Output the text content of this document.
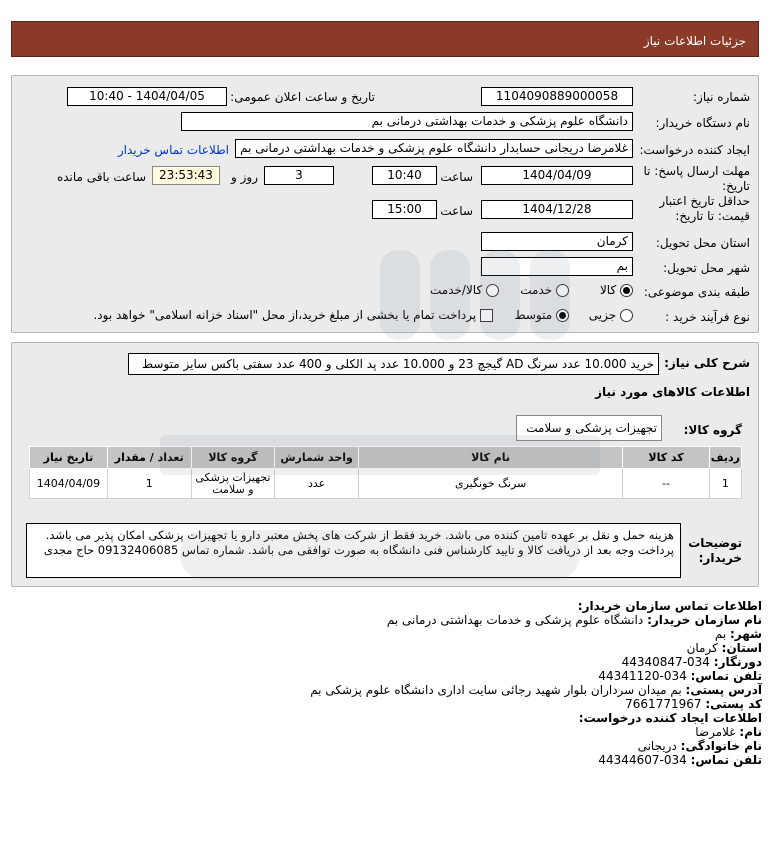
جزئیات اطلاعات نیاز
شماره نیاز:
1104090889000058
تاریخ و ساعت اعلان عمومی:
1404/04/05 - 10:40
نام دستگاه خریدار:
دانشگاه علوم پزشکی و خدمات بهداشتی درمانی بم
ایجاد کننده درخواست:
غلامرضا دریجانی حسابدار دانشگاه علوم پزشکی و خدمات بهداشتی درمانی بم
اطلاعات تماس خریدار
مهلت ارسال پاسخ: تا
تاریخ:
1404/04/09
ساعت
10:40
3
روز و
23:53:43
ساعت باقی مانده
حداقل تاریخ اعتبار
قیمت: تا تاریخ:
1404/12/28
ساعت
15:00
استان محل تحویل:
کرمان
شهر محل تحویل:
بم
طبقه بندی موضوعی:
کالا
خدمت
کالا/خدمت
نوع فرآیند خرید :
جزیی
متوسط
پرداخت تمام یا بخشی از مبلغ خرید،از محل "اسناد خزانه اسلامی" خواهد بود.
شرح کلی نیاز:
خرید 10.000 عدد سرنگ AD گیجچ 23 و 10.000 عدد پد الکلی و 400 عدد سفتی باکس سایز متوسط
اطلاعات کالاهای مورد نیاز
گروه کالا:
تجهیزات پزشکی و سلامت
ردیف	کد کالا	نام کالا	واحد شمارش	گروه کالا	تعداد / مقدار	تاریخ نیاز
1	--	سرنگ خونگیری	عدد	تجهیزات پزشکی و سلامت	1	1404/04/09
توضیحات
خریدار:
هزینه حمل و نقل بر عهده تامین کننده می باشد. خرید فقط از شرکت های پخش معتبر دارو یا تجهیزات پزشکی امکان پذیر می باشد. پرداخت وجه بعد از دریافت کالا و تایید کارشناس فنی دانشگاه به صورت توافقی می باشد. شماره تماس 09132406085 حاج مجدی
اطلاعات تماس سازمان خریدار:
نام سازمان خریدار: دانشگاه علوم پزشکی و خدمات بهداشتی درمانی بم
شهر: بم
استان: کرمان
دورنگار: 034-44340847
تلفن تماس: 034-44341120
آدرس پستی: بم میدان سرداران بلوار شهید رجائی سایت اداری دانشگاه علوم پزشکی بم
کد پستی: 7661771967
اطلاعات ایجاد کننده درخواست:
نام: غلامرضا
نام خانوادگی: دریجانی
تلفن تماس: 034-44344607
